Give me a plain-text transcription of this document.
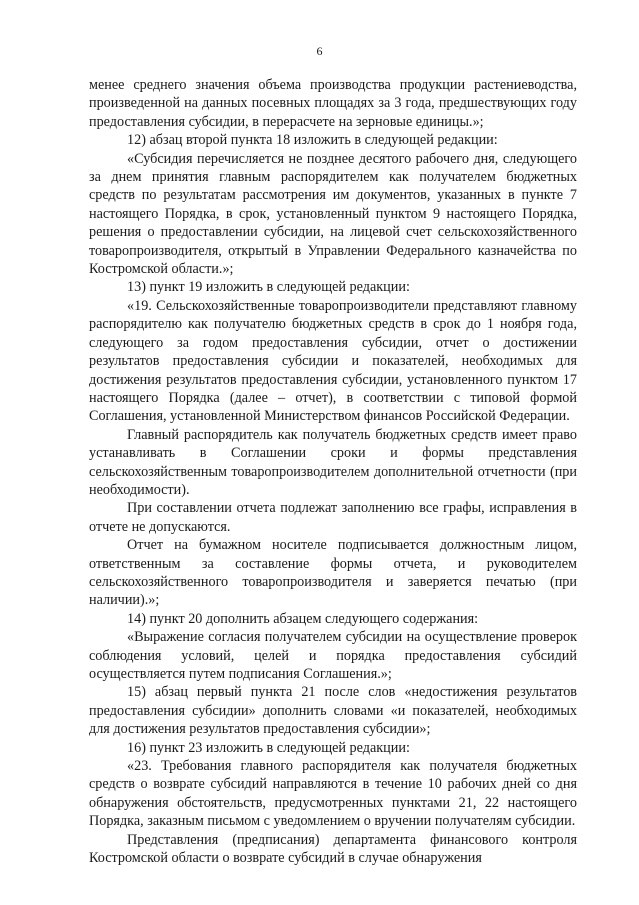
6

менее среднего значения объема производства продукции растениеводства, произведенной на данных посевных площадях за 3 года, предшествующих году предоставления субсидии, в перерасчете на зерновые единицы.»;

12) абзац второй пункта 18 изложить в следующей редакции:

«Субсидия перечисляется не позднее десятого рабочего дня, следующего за днем принятия главным распорядителем как получателем бюджетных средств по результатам рассмотрения им документов, указанных в пункте 7 настоящего Порядка, в срок, установленный пунктом 9 настоящего Порядка, решения о предоставлении субсидии, на лицевой счет сельскохозяйственного товаропроизводителя, открытый в Управлении Федерального казначейства по Костромской области.»;

13) пункт 19 изложить в следующей редакции:

«19. Сельскохозяйственные товаропроизводители представляют главному распорядителю как получателю бюджетных средств в срок до 1 ноября года, следующего за годом предоставления субсидии, отчет о достижении результатов предоставления субсидии и показателей, необходимых для достижения результатов предоставления субсидии, установленного пунктом 17 настоящего Порядка (далее – отчет), в соответствии с типовой формой Соглашения, установленной Министерством финансов Российской Федерации.

Главный распорядитель как получатель бюджетных средств имеет право устанавливать в Соглашении сроки и формы представления сельскохозяйственным товаропроизводителем дополнительной отчетности (при необходимости).

При составлении отчета подлежат заполнению все графы, исправления в отчете не допускаются.

Отчет на бумажном носителе подписывается должностным лицом, ответственным за составление формы отчета, и руководителем сельскохозяйственного товаропроизводителя и заверяется печатью (при наличии).»;

14) пункт 20 дополнить абзацем следующего содержания:

«Выражение согласия получателем субсидии на осуществление проверок соблюдения условий, целей и порядка предоставления субсидий осуществляется путем подписания Соглашения.»;

15) абзац первый пункта 21 после слов «недостижения результатов предоставления субсидии» дополнить словами «и показателей, необходимых для достижения результатов предоставления субсидии»;

16) пункт 23 изложить в следующей редакции:

«23. Требования главного распорядителя как получателя бюджетных средств о возврате субсидий направляются в течение 10 рабочих дней со дня обнаружения обстоятельств, предусмотренных пунктами 21, 22 настоящего Порядка, заказным письмом с уведомлением о вручении получателям субсидии.

Представления (предписания) департамента финансового контроля Костромской области о возврате субсидий в случае обнаружения
